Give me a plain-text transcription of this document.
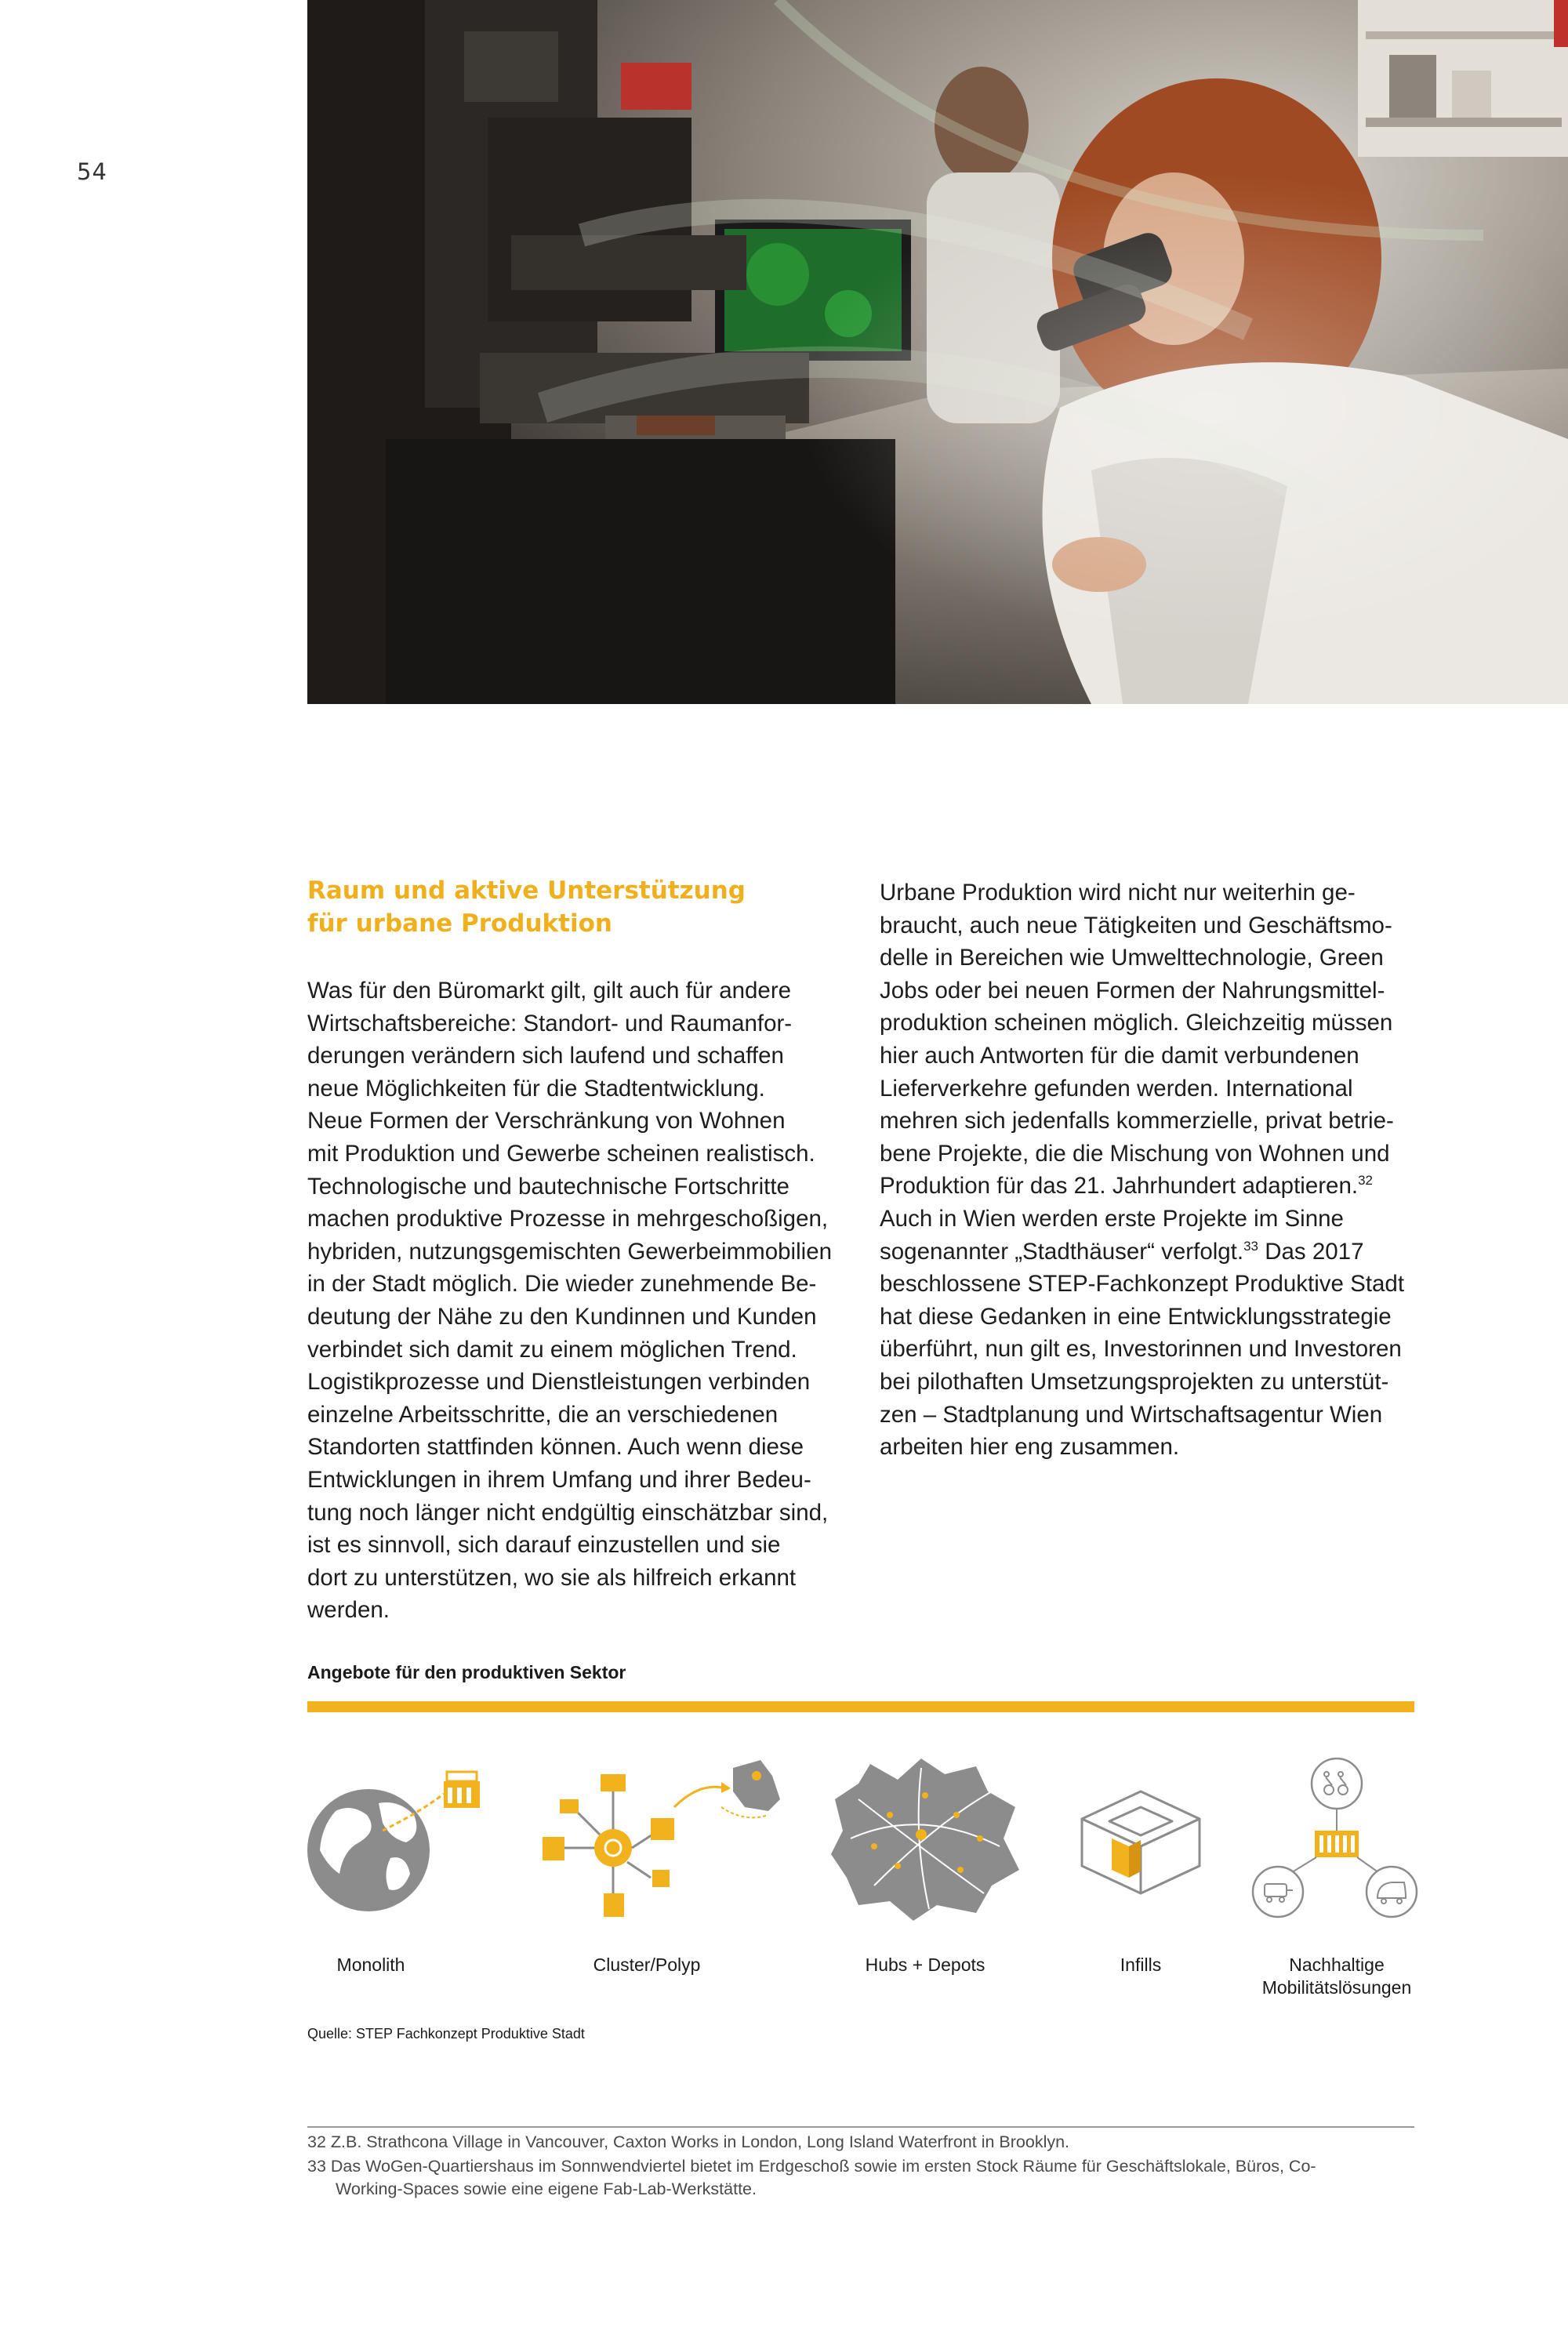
54
Raum und aktive Unterstützung
für urbane Produktion
Was für den Büromarkt gilt, gilt auch für andere
Wirtschaftsbereiche: Standort- und Raumanfor-
derungen verändern sich laufend und schaffen
neue Möglichkeiten für die Stadtentwicklung.
Neue Formen der Verschränkung von Wohnen
mit Produktion und Gewerbe scheinen realistisch.
Technologische und bautechnische Fortschritte
machen produktive Prozesse in mehrgeschoßigen,
hybriden, nutzungsgemischten Gewerbeimmobilien
in der Stadt möglich. Die wieder zunehmende Be-
deutung der Nähe zu den Kundinnen und Kunden
verbindet sich damit zu einem möglichen Trend.
Logistikprozesse und Dienstleistungen verbinden
einzelne Arbeitsschritte, die an verschiedenen
Standorten stattfinden können. Auch wenn diese
Entwicklungen in ihrem Umfang und ihrer Bedeu-
tung noch länger nicht endgültig einschätzbar sind,
ist es sinnvoll, sich darauf einzustellen und sie
dort zu unterstützen, wo sie als hilfreich erkannt
werden.
Urbane Produktion wird nicht nur weiterhin ge-
braucht, auch neue Tätigkeiten und Geschäftsmo-
delle in Bereichen wie Umwelttechnologie, Green
Jobs oder bei neuen Formen der Nahrungsmittel-
produktion scheinen möglich. Gleichzeitig müssen
hier auch Antworten für die damit verbundenen
Lieferverkehre gefunden werden. International
mehren sich jedenfalls kommerzielle, privat betrie-
bene Projekte, die die Mischung von Wohnen und
Produktion für das 21. Jahrhundert adaptieren.$^{32}$
Auch in Wien werden erste Projekte im Sinne
sogenannter „Stadthäuser“ verfolgt.$^{33}$ Das 2017
beschlossene STEP-Fachkonzept Produktive Stadt
hat diese Gedanken in eine Entwicklungsstrategie
überführt, nun gilt es, Investorinnen und Investoren
bei pilothaften Umsetzungsprojekten zu unterstüt-
zen – Stadtplanung und Wirtschaftsagentur Wien
arbeiten hier eng zusammen.
Angebote für den produktiven Sektor
Monolith	Cluster/Polyp	Hubs + Depots	Infills	Nachhaltige
Mobilitätslösungen
Quelle: STEP Fachkonzept Produktive Stadt
32 Z.B. Strathcona Village in Vancouver, Caxton Works in London, Long Island Waterfront in Brooklyn.
33 Das WoGen-Quartiershaus im Sonnwendviertel bietet im Erdgeschoß sowie im ersten Stock Räume für Geschäftslokale, Büros, Co-
Working-Spaces sowie eine eigene Fab-Lab-Werkstätte.
